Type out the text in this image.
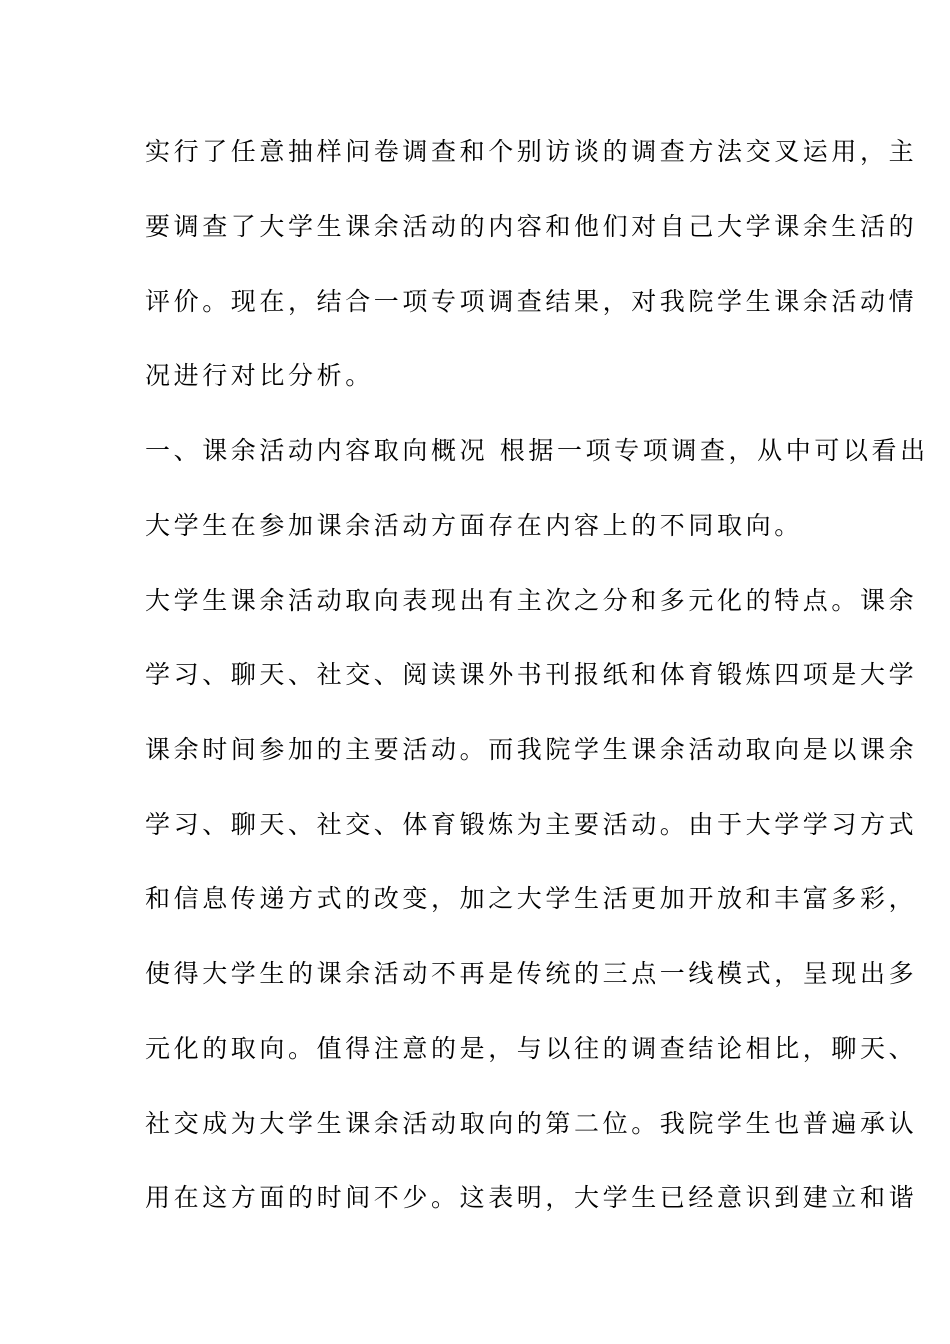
实行了任意抽样问卷调查和个别访谈的调查方法交叉运用，主
要调查了大学生课余活动的内容和他们对自己大学课余生活的
评价。现在，结合一项专项调查结果，对我院学生课余活动情
况进行对比分析。
一、课余活动内容取向概况 根据一项专项调查，从中可以看出
大学生在参加课余活动方面存在内容上的不同取向。
大学生课余活动取向表现出有主次之分和多元化的特点。课余
学习、聊天、社交、阅读课外书刊报纸和体育锻炼四项是大学
课余时间参加的主要活动。而我院学生课余活动取向是以课余
学习、聊天、社交、体育锻炼为主要活动。由于大学学习方式
和信息传递方式的改变，加之大学生活更加开放和丰富多彩，
使得大学生的课余活动不再是传统的三点一线模式，呈现出多
元化的取向。值得注意的是，与以往的调查结论相比，聊天、
社交成为大学生课余活动取向的第二位。我院学生也普遍承认
用在这方面的时间不少。这表明，大学生已经意识到建立和谐
